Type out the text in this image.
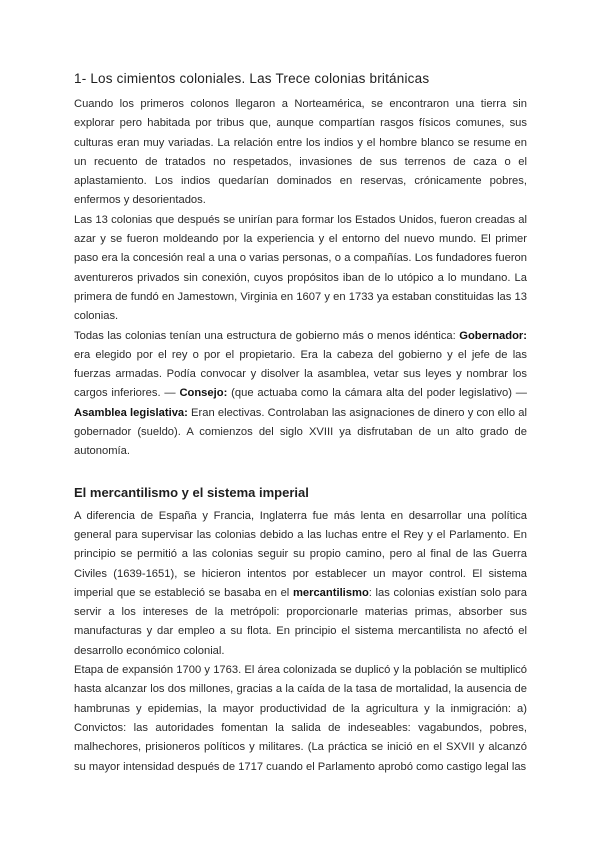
1- Los cimientos coloniales. Las Trece colonias británicas

Cuando los primeros colonos llegaron a Norteamérica, se encontraron una tierra sin explorar pero habitada por tribus que, aunque compartían rasgos físicos comunes, sus culturas eran muy variadas. La relación entre los indios y el hombre blanco se resume en un recuento de tratados no respetados, invasiones de sus terrenos de caza o el aplastamiento. Los indios quedarían dominados en reservas, crónicamente pobres, enfermos y desorientados.

Las 13 colonias que después se unirían para formar los Estados Unidos, fueron creadas al azar y se fueron moldeando por la experiencia y el entorno del nuevo mundo. El primer paso era la concesión real a una o varias personas, o a compañías. Los fundadores fueron aventureros privados sin conexión, cuyos propósitos iban de lo utópico a lo mundano. La primera de fundó en Jamestown, Virginia en 1607 y en 1733 ya estaban constituidas las 13 colonias.

Todas las colonias tenían una estructura de gobierno más o menos idéntica: Gobernador: era elegido por el rey o por el propietario. Era la cabeza del gobierno y el jefe de las fuerzas armadas. Podía convocar y disolver la asamblea, vetar sus leyes y nombrar los cargos inferiores. — Consejo: (que actuaba como la cámara alta del poder legislativo) — Asamblea legislativa: Eran electivas. Controlaban las asignaciones de dinero y con ello al gobernador (sueldo). A comienzos del siglo XVIII ya disfrutaban de un alto grado de autonomía.

El mercantilismo y el sistema imperial

A diferencia de España y Francia, Inglaterra fue más lenta en desarrollar una política general para supervisar las colonias debido a las luchas entre el Rey y el Parlamento. En principio se permitió a las colonias seguir su propio camino, pero al final de las Guerra Civiles (1639-1651), se hicieron intentos por establecer un mayor control. El sistema imperial que se estableció se basaba en el mercantilismo: las colonias existían solo para servir a los intereses de la metrópoli: proporcionarle materias primas, absorber sus manufacturas y dar empleo a su flota. En principio el sistema mercantilista no afectó el desarrollo económico colonial.

Etapa de expansión 1700 y 1763. El área colonizada se duplicó y la población se multiplicó hasta alcanzar los dos millones, gracias a la caída de la tasa de mortalidad, la ausencia de hambrunas y epidemias, la mayor productividad de la agricultura y la inmigración: a) Convictos: las autoridades fomentan la salida de indeseables: vagabundos, pobres, malhechores, prisioneros políticos y militares. (La práctica se inició en el SXVII y alcanzó su mayor intensidad después de 1717 cuando el Parlamento aprobó como castigo legal las
